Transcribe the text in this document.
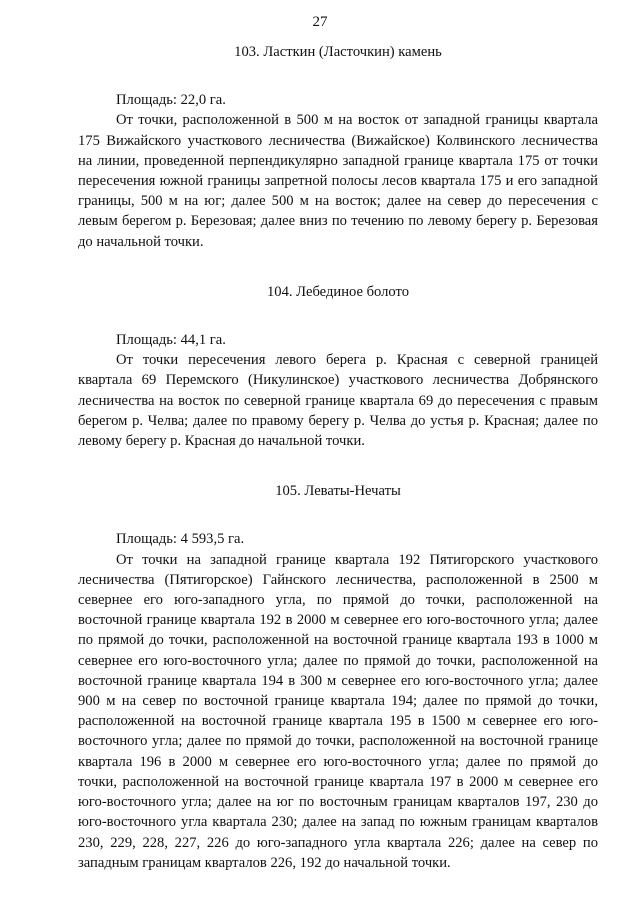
27

103. Ласткин (Ласточкин) камень

Площадь: 22,0 га.

От точки, расположенной в 500 м на восток от западной границы квартала 175 Вижайского участкового лесничества (Вижайское) Колвинского лесничества на линии, проведенной перпендикулярно западной границе квартала 175 от точки пересечения южной границы запретной полосы лесов квартала 175 и его западной границы, 500 м на юг; далее 500 м на восток; далее на север до пересечения с левым берегом р. Березовая; далее вниз по течению по левому берегу р. Березовая до начальной точки.

104. Лебединое болото

Площадь: 44,1 га.

От точки пересечения левого берега р. Красная с северной границей квартала 69 Перемского (Никулинское) участкового лесничества Добрянского лесничества на восток по северной границе квартала 69 до пересечения с правым берегом р. Челва; далее по правому берегу р. Челва до устья р. Красная; далее по левому берегу р. Красная до начальной точки.

105. Леваты-Нечаты

Площадь: 4 593,5 га.

От точки на западной границе квартала 192 Пятигорского участкового лесничества (Пятигорское) Гайнского лесничества, расположенной в 2500 м севернее его юго-западного угла, по прямой до точки, расположенной на восточной границе квартала 192 в 2000 м севернее его юго-восточного угла; далее по прямой до точки, расположенной на восточной границе квартала 193 в 1000 м севернее его юго-восточного угла; далее по прямой до точки, расположенной на восточной границе квартала 194 в 300 м севернее его юго-восточного угла; далее 900 м на север по восточной границе квартала 194; далее по прямой до точки, расположенной на восточной границе квартала 195 в 1500 м севернее его юго-восточного угла; далее по прямой до точки, расположенной на восточной границе квартала 196 в 2000 м севернее его юго-восточного угла; далее по прямой до точки, расположенной на восточной границе квартала 197 в 2000 м севернее его юго-восточного угла; далее на юг по восточным границам кварталов 197, 230 до юго-восточного угла квартала 230; далее на запад по южным границам кварталов 230, 229, 228, 227, 226 до юго-западного угла квартала 226; далее на север по западным границам кварталов 226, 192 до начальной точки.
